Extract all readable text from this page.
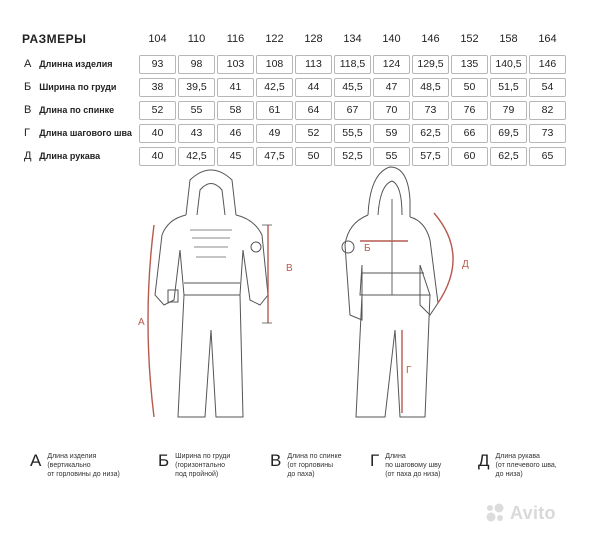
РАЗМЕРЫ	104	110	116	122	128	134	140	146	152	158	164
А Длинна изделия	93	98	103	108	113	118,5	124	129,5	135	140,5	146
Б Ширина по груди	38	39,5	41	42,5	44	45,5	47	48,5	50	51,5	54
В Длина по спинке	52	55	58	61	64	67	70	73	76	79	82
Г	Длина шагового шва	40	43	46	49	52	55,5	59	62,5	66	69,5	73
Д Длина рукава	40	42,5	45	47,5	50	52,5	55	57,5	60	62,5	65
А
В
Б
Д
Г
А Длина изделия
(вертикально
от горловины до низа)
Б Ширина по груди
(горизонтально
под пройной)
В Длина по спинке
(от горловины
до паха)
Г Длина
по шаговому шву
(от паха до низа)
Д Длина рукава
(от плечевого шва,
до низа)
Avito
